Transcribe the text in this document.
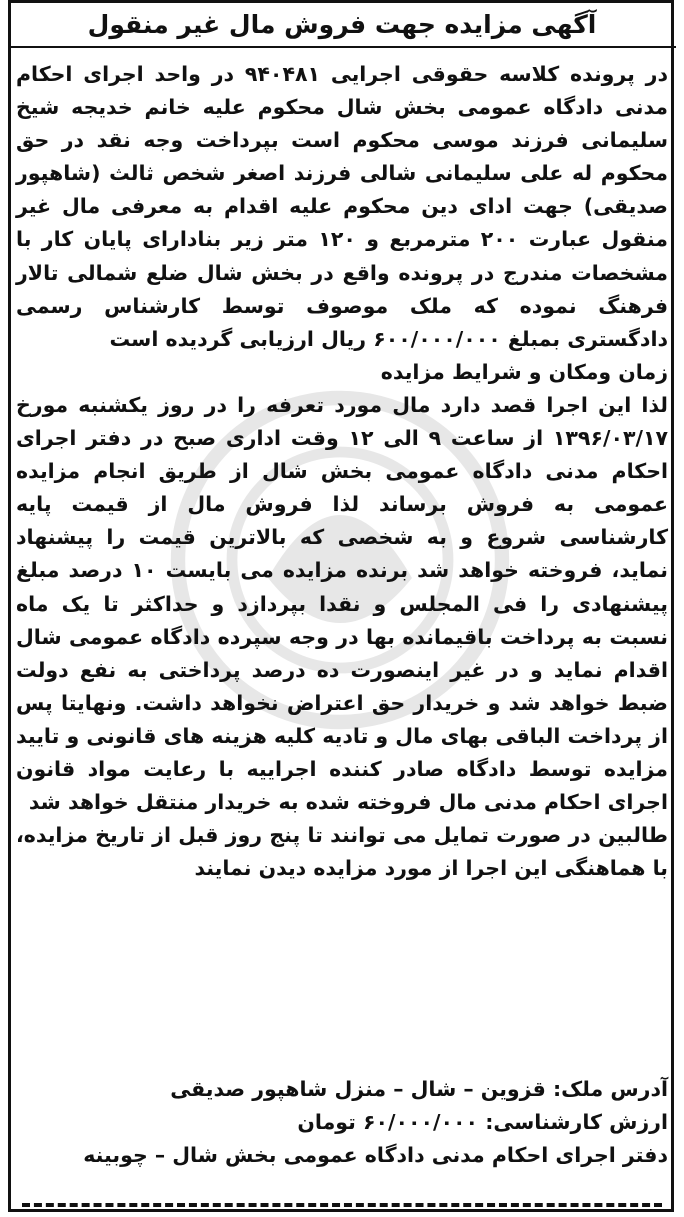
آگهی مزایده جهت فروش مال غیر منقول

در پرونده کلاسه حقوقی اجرایی ۹۴۰۴۸۱ در واحد اجرای احکام مدنی دادگاه عمومی بخش شال محکوم علیه خانم خدیجه شیخ سلیمانی فرزند موسی محکوم است بپرداخت وجه نقد در حق محکوم له علی سلیمانی شالی فرزند اصغر شخص ثالث (شاهپور صدیقی) جهت ادای دین محکوم علیه اقدام به معرفی مال غیر منقول عبارت ۲۰۰ مترمربع و ۱۲۰ متر زیر بنادارای پایان کار با مشخصات مندرج در پرونده واقع در بخش شال ضلع شمالی تالار فرهنگ نموده که ملک موصوف توسط کارشناس رسمی دادگستری بمبلغ ۶۰۰/۰۰۰/۰۰۰ ریال ارزیابی گردیده است

زمان ومکان و شرایط مزایده

لذا این اجرا قصد دارد مال مورد تعرفه را در روز یکشنبه مورخ ۱۳۹۶/۰۳/۱۷ از ساعت ۹ الی ۱۲ وقت اداری صبح در دفتر اجرای احکام مدنی دادگاه عمومی بخش شال از طریق انجام مزایده عمومی به فروش برساند لذا فروش مال از قیمت پایه کارشناسی شروع و به شخصی که بالاترین قیمت را پیشنهاد نماید، فروخته خواهد شد برنده مزایده می بایست ۱۰ درصد مبلغ پیشنهادی را فی المجلس و نقدا بپردازد و حداکثر تا یک ماه نسبت به پرداخت باقیمانده بها در وجه سپرده دادگاه عمومی شال اقدام نماید و در غیر اینصورت ده درصد پرداختی به نفع دولت ضبط خواهد شد و خریدار حق اعتراض نخواهد داشت. ونهایتا پس از پرداخت الباقی بهای مال و تادیه کلیه هزینه های قانونی و تایید مزایده توسط دادگاه صادر کننده اجراییه با رعایت مواد قانون اجرای احکام مدنی مال فروخته شده به خریدار منتقل خواهد شد

طالبین در صورت تمایل می توانند تا پنج روز قبل از تاریخ مزایده، با هماهنگی این اجرا از مورد مزایده دیدن نمایند

آدرس ملک: قزوین – شال – منزل شاهپور صدیقی
ارزش کارشناسی: ۶۰/۰۰۰/۰۰۰ تومان
دفتر اجرای احکام مدنی دادگاه عمومی بخش شال – چوبینه
